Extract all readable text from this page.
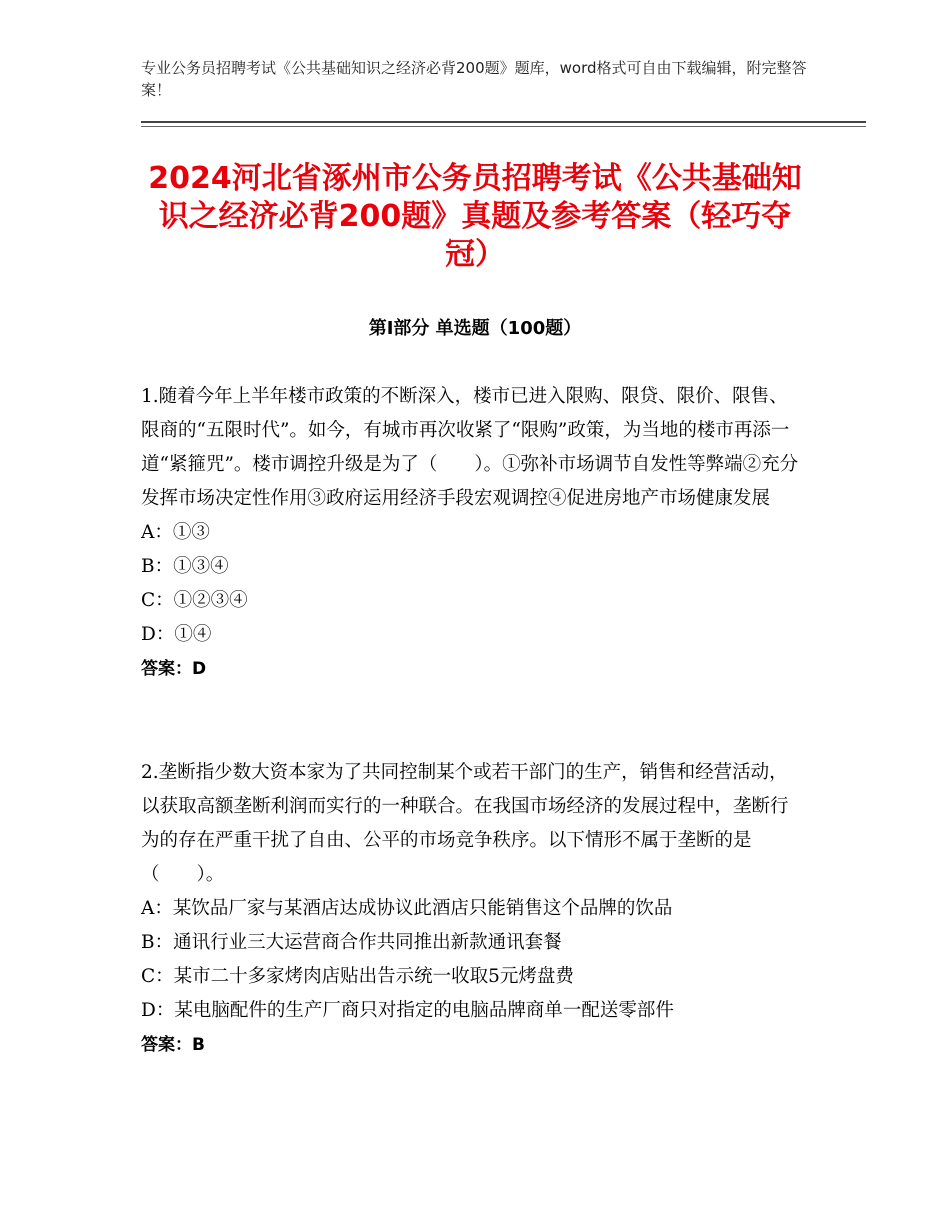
专业公务员招聘考试《公共基础知识之经济必背200题》题库，word格式可自由下载编辑，附完整答案！
2024河北省涿州市公务员招聘考试《公共基础知识之经济必背200题》真题及参考答案（轻巧夺冠）
第Ⅰ部分 单选题（100题）

1.随着今年上半年楼市政策的不断深入，楼市已进入限购、限贷、限价、限售、限商的“五限时代”。如今，有城市再次收紧了“限购”政策，为当地的楼市再添一道“紧箍咒”。楼市调控升级是为了（　　）。①弥补市场调节自发性等弊端②充分发挥市场决定性作用③政府运用经济手段宏观调控④促进房地产市场健康发展

A：①③

B：①③④

C：①②③④

D：①④

答案：D

2.垄断指少数大资本家为了共同控制某个或若干部门的生产，销售和经营活动，以获取高额垄断利润而实行的一种联合。在我国市场经济的发展过程中，垄断行为的存在严重干扰了自由、公平的市场竞争秩序。以下情形不属于垄断的是（　　）。

A：某饮品厂家与某酒店达成协议此酒店只能销售这个品牌的饮品

B：通讯行业三大运营商合作共同推出新款通讯套餐

C：某市二十多家烤肉店贴出告示统一收取5元烤盘费

D：某电脑配件的生产厂商只对指定的电脑品牌商单一配送零部件

答案：B
